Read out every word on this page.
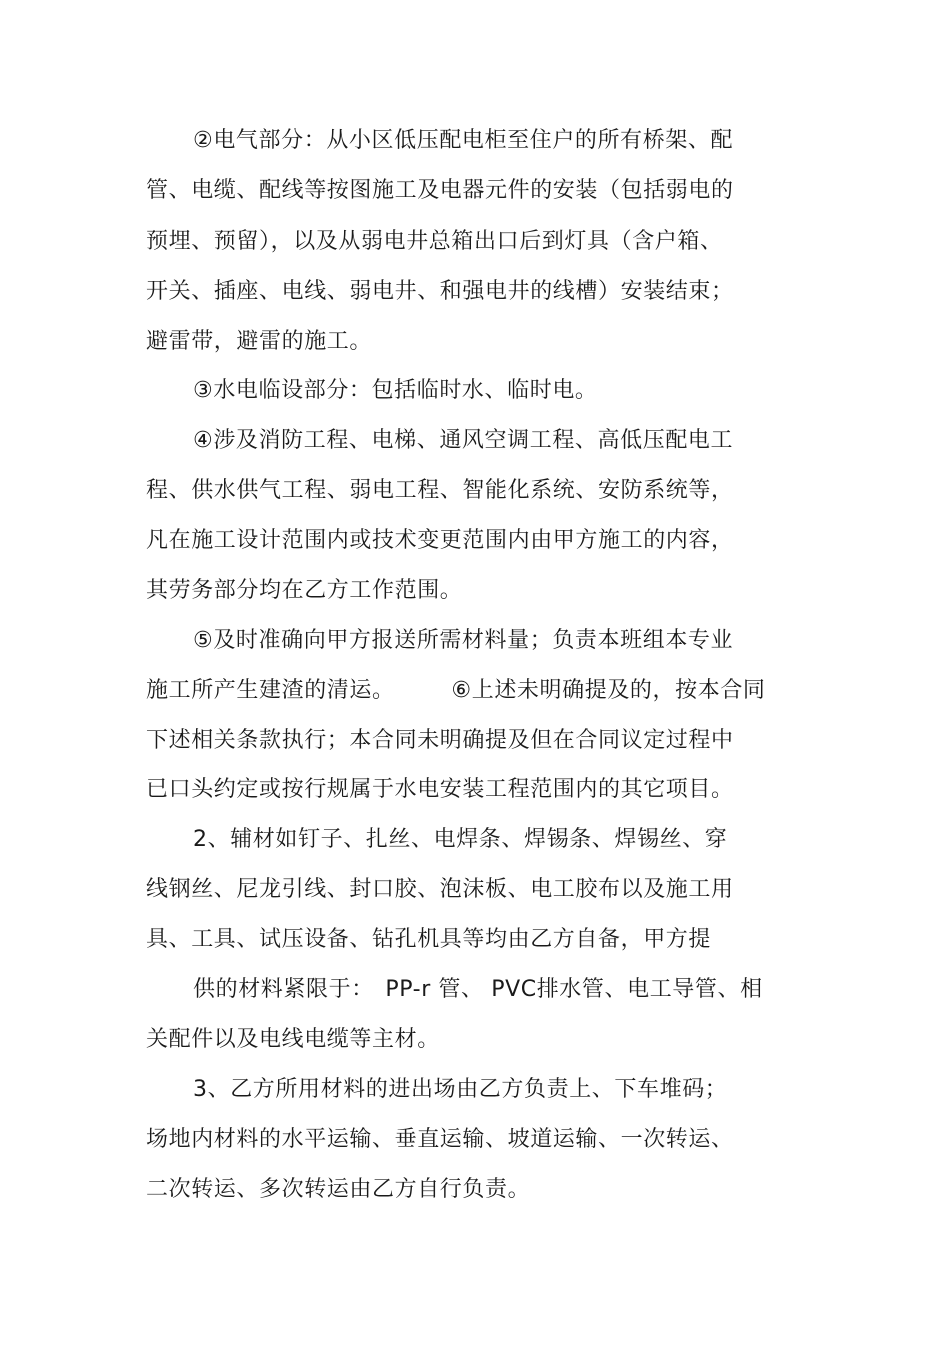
②电气部分：从小区低压配电柜至住户的所有桥架、配
管、电缆、配线等按图施工及电器元件的安装（包括弱电的
预埋、预留），以及从弱电井总箱出口后到灯具（含户箱、
开关、插座、电线、弱电井、和强电井的线槽）安装结束；
避雷带，避雷的施工。
③水电临设部分：包括临时水、临时电。
④涉及消防工程、电梯、通风空调工程、高低压配电工
程、供水供气工程、弱电工程、智能化系统、安防系统等，
凡在施工设计范围内或技术变更范围内由甲方施工的内容，
其劳务部分均在乙方工作范围。
⑤及时准确向甲方报送所需材料量；负责本班组本专业
施工所产生建渣的清运。　　　⑥上述未明确提及的，按本合同
下述相关条款执行；本合同未明确提及但在合同议定过程中
已口头约定或按行规属于水电安装工程范围内的其它项目。
2、辅材如钉子、扎丝、电焊条、焊锡条、焊锡丝、穿
线钢丝、尼龙引线、封口胶、泡沫板、电工胶布以及施工用
具、工具、试压设备、钻孔机具等均由乙方自备，甲方提
供的材料紧限于：　PP-r 管、 PVC排水管、电工导管、相
关配件以及电线电缆等主材。
3、乙方所用材料的进出场由乙方负责上、下车堆码；
场地内材料的水平运输、垂直运输、坡道运输、一次转运、
二次转运、多次转运由乙方自行负责。
